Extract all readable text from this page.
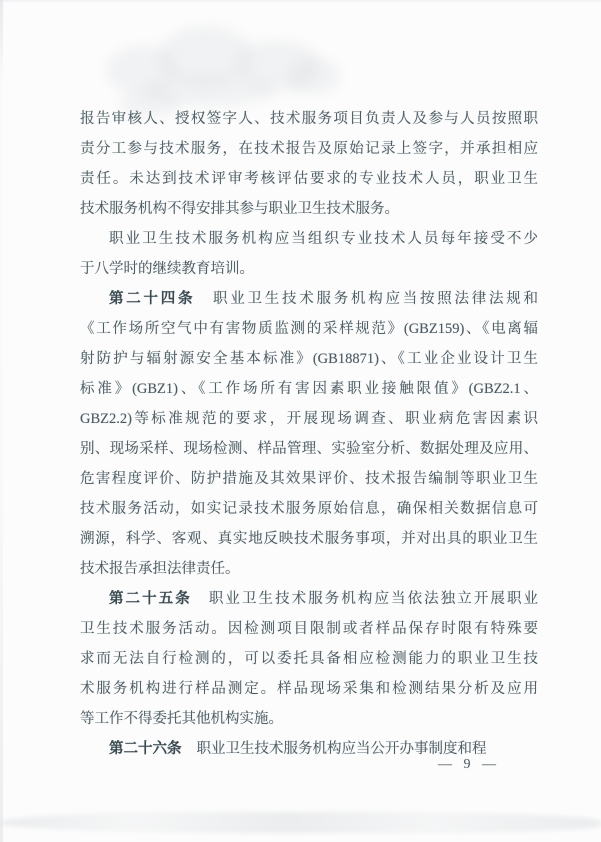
报告审核人、授权签字人、技术服务项目负责人及参与人员按照职
责分工参与技术服务，在技术报告及原始记录上签字，并承担相应
责任。未达到技术评审考核评估要求的专业技术人员，职业卫生
技术服务机构不得安排其参与职业卫生技术服务。
职业卫生技术服务机构应当组织专业技术人员每年接受不少
于八学时的继续教育培训。
第二十四条 职业卫生技术服务机构应当按照法律法规和
《工作场所空气中有害物质监测的采样规范》(GBZ159)、《电离辐
射防护与辐射源安全基本标准》(GB18871)、《工业企业设计卫生
标准》(GBZ1)、《工作场所有害因素职业接触限值》(GBZ2.1、
GBZ2.2)等标准规范的要求，开展现场调查、职业病危害因素识
别、现场采样、现场检测、样品管理、实验室分析、数据处理及应用、
危害程度评价、防护措施及其效果评价、技术报告编制等职业卫生
技术服务活动，如实记录技术服务原始信息，确保相关数据信息可
溯源，科学、客观、真实地反映技术服务事项，并对出具的职业卫生
技术报告承担法律责任。
第二十五条 职业卫生技术服务机构应当依法独立开展职业
卫生技术服务活动。因检测项目限制或者样品保存时限有特殊要
求而无法自行检测的，可以委托具备相应检测能力的职业卫生技
术服务机构进行样品测定。样品现场采集和检测结果分析及应用
等工作不得委托其他机构实施。
第二十六条 职业卫生技术服务机构应当公开办事制度和程
— 9 —
